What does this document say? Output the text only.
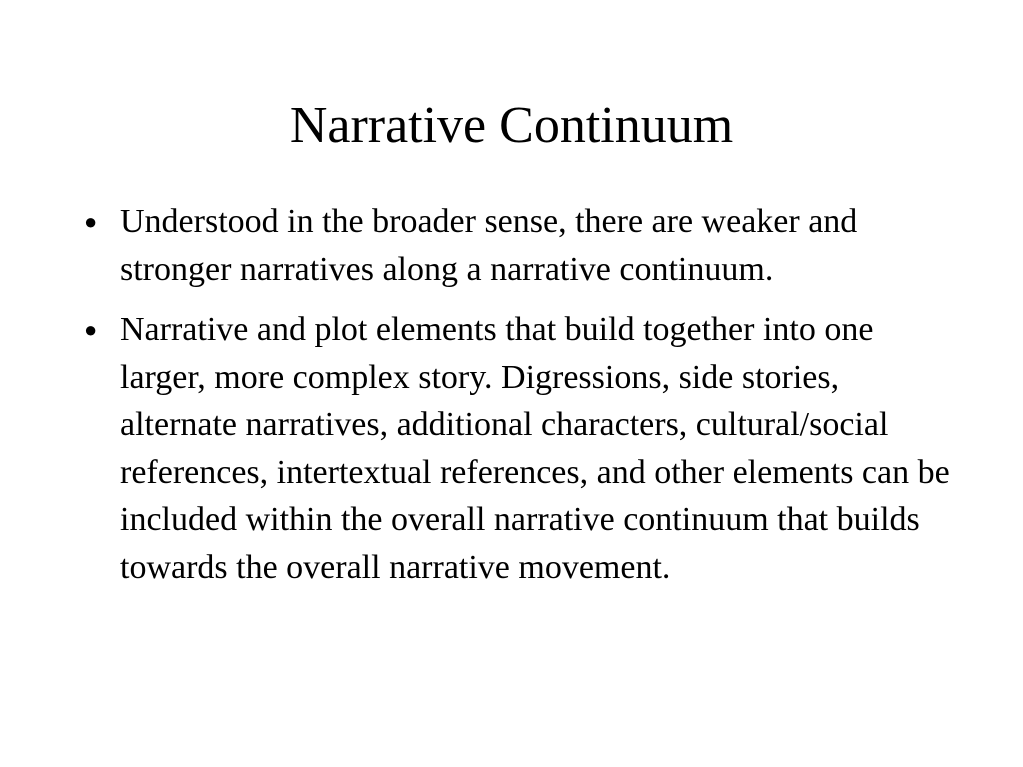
Narrative Continuum
● Understood in the broader sense, there are weaker and stronger narratives along a narrative continuum.
● Narrative and plot elements that build together into one larger, more complex story. Digressions, side stories, alternate narratives, additional characters, cultural/social references, intertextual references, and other elements can be included within the overall narrative continuum that builds towards the overall narrative movement.
